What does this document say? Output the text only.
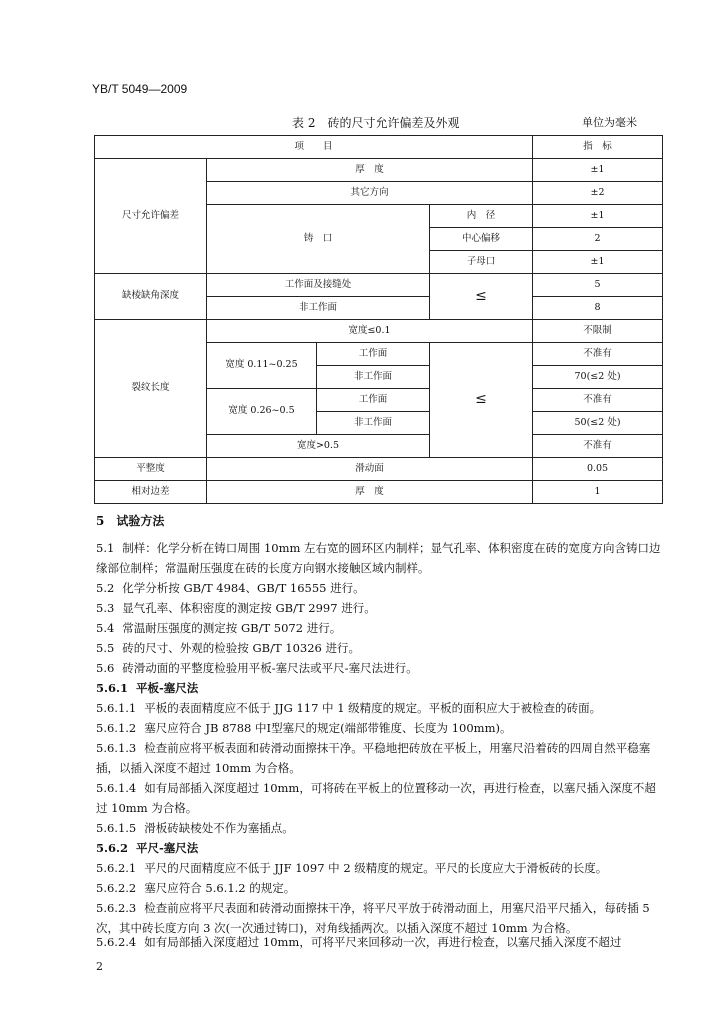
YB/T 5049—2009
表 2　砖的尺寸允许偏差及外观	单位为毫米
项　　目				指　标
尺寸允许偏差	厚　度			±1
	其它方向			±2
	铸　口		内　径	±1
			中心偏移	2
			子母口	±1
缺棱缺角深度	工作面及接缝处		≤	5
	非工作面			8
裂纹长度	宽度≤0.1			不限制
	宽度 0.11~0.25	工作面	≤	不准有
		非工作面		70(≤2 处)
	宽度 0.26~0.5	工作面		不准有
		非工作面		50(≤2 处)
	宽度>0.5			不准有
平整度	滑动面			0.05
相对边差	厚　度			1
5　试验方法
5.1 制样：化学分析在铸口周围 10mm 左右宽的圆环区内制样；显气孔率、体积密度在砖的宽度方向含铸口边缘部位制样；常温耐压强度在砖的长度方向钢水接触区域内制样。
5.2 化学分析按 GB/T 4984、GB/T 16555 进行。
5.3 显气孔率、体积密度的测定按 GB/T 2997 进行。
5.4 常温耐压强度的测定按 GB/T 5072 进行。
5.5 砖的尺寸、外观的检验按 GB/T 10326 进行。
5.6 砖滑动面的平整度检验用平板-塞尺法或平尺-塞尺法进行。
5.6.1 平板-塞尺法
5.6.1.1 平板的表面精度应不低于 JJG 117 中 1 级精度的规定。平板的面积应大于被检查的砖面。
5.6.1.2 塞尺应符合 JB 8788 中Ⅰ型塞尺的规定(端部带锥度、长度为 100mm)。
5.6.1.3 检查前应将平板表面和砖滑动面擦抹干净。平稳地把砖放在平板上，用塞尺沿着砖的四周自然平稳塞插，以插入深度不超过 10mm 为合格。
5.6.1.4 如有局部插入深度超过 10mm，可将砖在平板上的位置移动一次，再进行检查，以塞尺插入深度不超过 10mm 为合格。
5.6.1.5 滑板砖缺棱处不作为塞插点。
5.6.2 平尺-塞尺法
5.6.2.1 平尺的尺面精度应不低于 JJF 1097 中 2 级精度的规定。平尺的长度应大于滑板砖的长度。
5.6.2.2 塞尺应符合 5.6.1.2 的规定。
5.6.2.3 检查前应将平尺表面和砖滑动面擦抹干净，将平尺平放于砖滑动面上，用塞尺沿平尺插入，每砖插 5 次，其中砖长度方向 3 次(一次通过铸口)，对角线插两次。以插入深度不超过 10mm 为合格。
5.6.2.4 如有局部插入深度超过 10mm，可将平尺来回移动一次，再进行检查，以塞尺插入深度不超过
2
